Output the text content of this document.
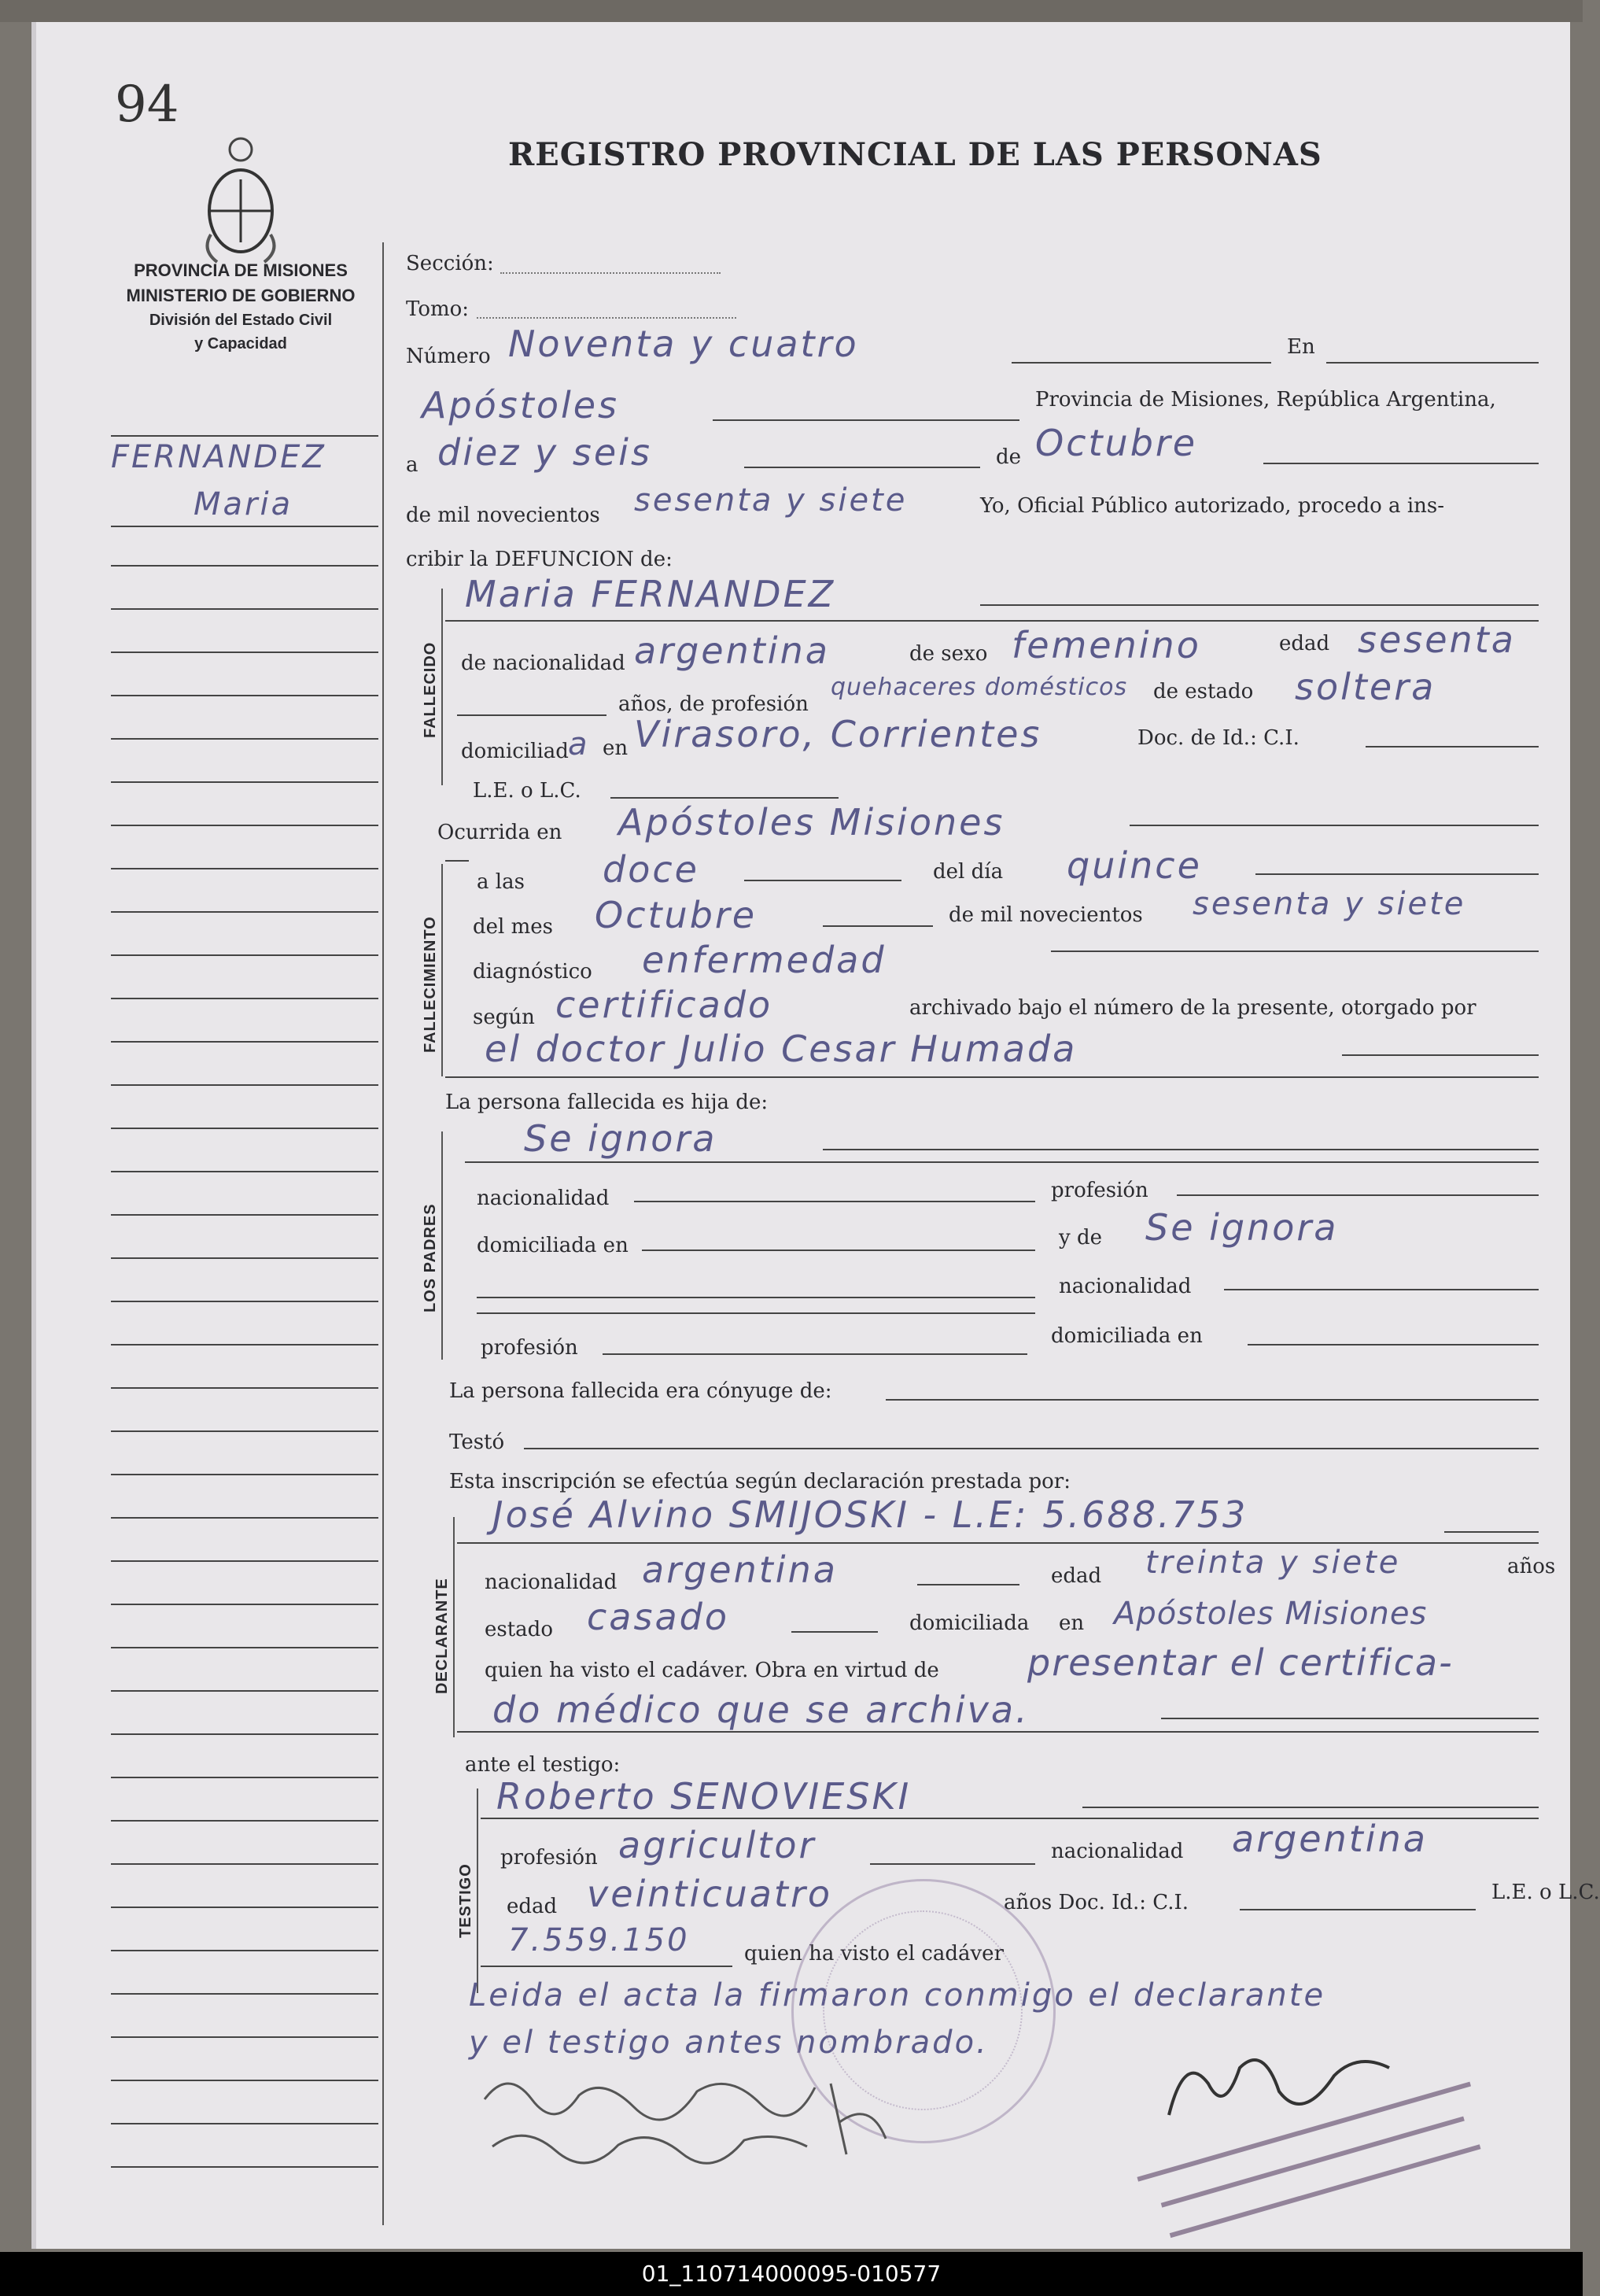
94
PROVINCIA DE MISIONES
MINISTERIO DE GOBIERNO
División del Estado Civil
y Capacidad
REGISTRO PROVINCIAL DE LAS PERSONAS
FERNANDEZ
Maria
Sección:
Tomo:
Número Noventa y cuatro	En
Apóstoles	Provincia de Misiones, República Argentina,
a diez y seis	de Octubre
de mil novecientos sesenta y siete	Yo, Oficial Público autorizado, procedo a ins-
cribir la DEFUNCION de:
FALLECIDO
Maria FERNANDEZ
de nacionalidad argentina	de sexo femenino	edad sesenta
años, de profesión
quehaceres domésticos de estado soltera
domiciliad a en Virasoro, Corrientes	Doc. de Id.: C.I.
L.E. o L.C.
Ocurrida en Apóstoles Misiones
FALLECIMIENTO
a las doce	del día quince
del mes Octubre	de mil novecientos sesenta y siete
diagnóstico enfermedad
según certificado	archivado bajo el número de la presente, otorgado por
el doctor Julio Cesar Humada
La persona fallecida es hija de:
LOS PADRES
Se ignora
nacionalidad	profesión
domiciliada en	y de Se ignora
nacionalidad
profesión	domiciliada en
La persona fallecida era cónyuge de:
Testó
Esta inscripción se efectúa según declaración prestada por:
DECLARANTE
José Alvino SMIJOSKI - L.E: 5.688.753
nacionalidad argentina	edad treinta y siete	años
estado casado	domiciliada en Apóstoles Misiones
quien ha visto el cadáver. Obra en virtud de presentar el certifica-
do médico que se archiva.
ante el testigo:
TESTIGO
Roberto SENOVIESKI
profesión agricultor	nacionalidad argentina
edad veinticuatro	años Doc. Id.: C.I.	L.E. o L.C.
7.559.150	quien ha visto el cadáver
Leida el acta la firmaron conmigo el declarante
y el testigo antes nombrado.
01_110714000095-010577
